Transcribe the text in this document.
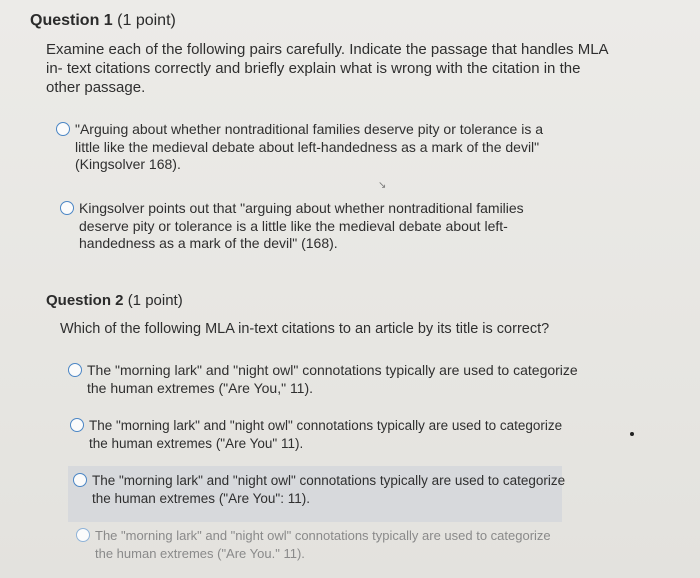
Question 1 (1 point)
Examine each of the following pairs carefully. Indicate the passage that handles MLA
in- text citations correctly and briefly explain what is wrong with the citation in the
other passage.
"Arguing about whether nontraditional families deserve pity or tolerance is a
little like the medieval debate about left-handedness as a mark of the devil"
(Kingsolver 168).
↘
Kingsolver points out that "arguing about whether nontraditional families
deserve pity or tolerance is a little like the medieval debate about left-
handedness as a mark of the devil" (168).
Question 2 (1 point)
Which of the following MLA in-text citations to an article by its title is correct?
The "morning lark" and "night owl" connotations typically are used to categorize
the human extremes ("Are You," 11).
The "morning lark" and "night owl" connotations typically are used to categorize
the human extremes ("Are You" 11).
The "morning lark" and "night owl" connotations typically are used to categorize
the human extremes ("Are You": 11).
The "morning lark" and "night owl" connotations typically are used to categorize
the human extremes ("Are You." 11).
